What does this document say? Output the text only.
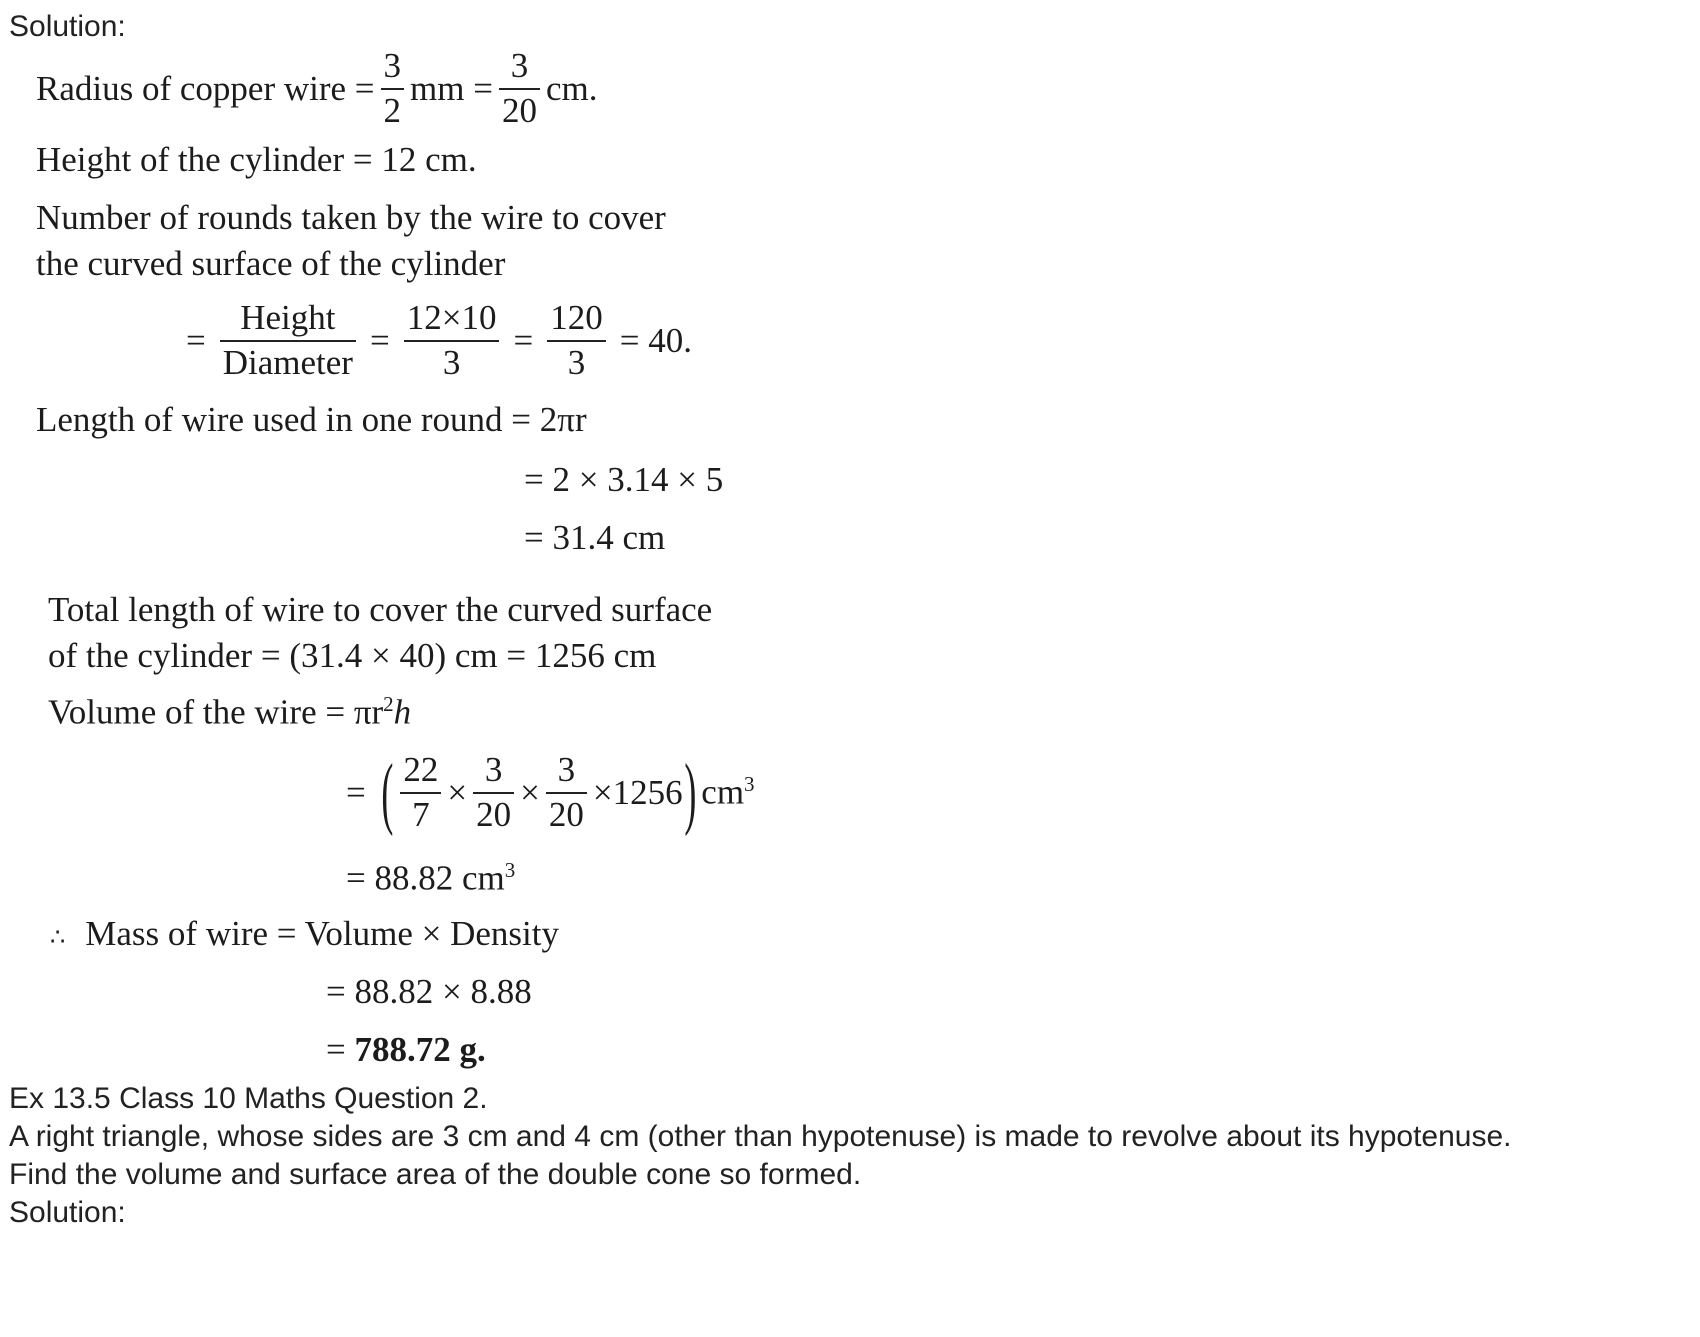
Solution:
Radius of copper wire = $\frac{3}{2}$ mm = $\frac{3}{20}$ cm.
Height of the cylinder = 12 cm.
Number of rounds taken by the wire to cover
the curved surface of the cylinder
= $\frac{\text{Height}}{\text{Diameter}} = \frac{12\times 10}{3} = \frac{120}{3} = 40$.
Length of wire used in one round = 2πr
= 2 × 3.14 × 5
= 31.4 cm
Total length of wire to cover the curved surface
of the cylinder = (31.4 × 40) cm = 1256 cm
Volume of the wire = $\pi r^2h$
= ( $\frac{22}{7} \times \frac{3}{20} \times \frac{3}{20} \times 1256$ ) $cm^3$
= 88.82 $cm^3$
∴ Mass of wire = Volume × Density
= 88.82 × 8.88
= 788.72 g.
Ex 13.5 Class 10 Maths Question 2.
A right triangle, whose sides are 3 cm and 4 cm (other than hypotenuse) is made to revolve about its hypotenuse.
Find the volume and surface area of the double cone so formed.
Solution:
